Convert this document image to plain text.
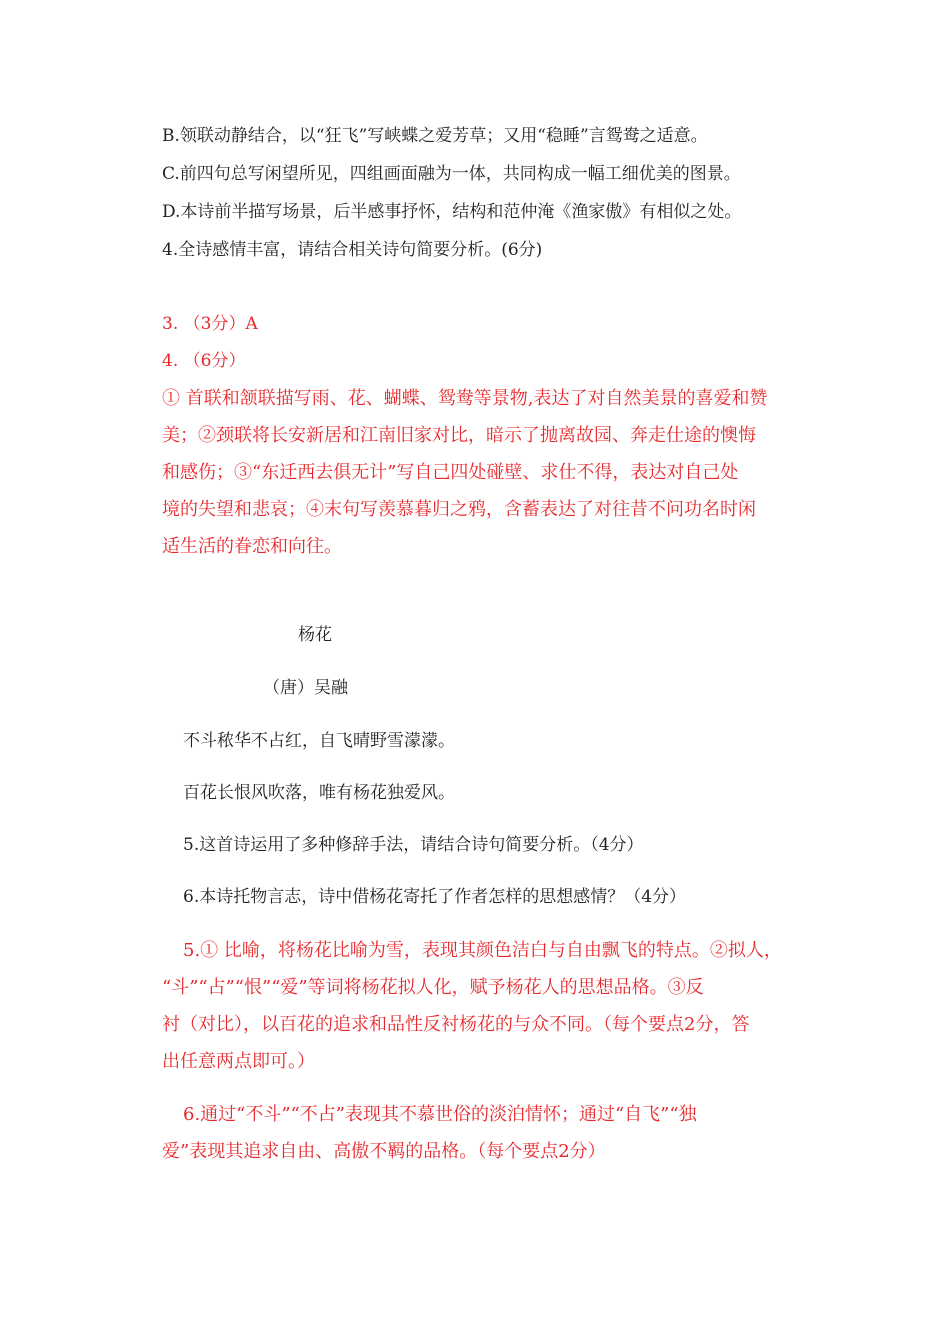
B.领联动静结合，以“狂飞”写峡蝶之爱芳草；又用“稳睡”言鸳鸯之适意。
C.前四句总写闲望所见，四组画面融为一体，共同构成一幅工细优美的图景。
D.本诗前半描写场景，后半感事抒怀，结构和范仲淹《渔家傲》有相似之处。
4.全诗感情丰富，请结合相关诗句简要分析。(6分)
3. （3分）A
4. （6分）
① 首联和颔联描写雨、花、蝴蝶、鸳鸯等景物,表达了对自然美景的喜爱和赞
美；②颈联将长安新居和江南旧家对比，暗示了抛离故园、奔走仕途的懊悔
和感伤；③“东迁西去俱无计”写自己四处碰壁、求仕不得，表达对自己处
境的失望和悲哀；④末句写羡慕暮归之鸦，含蓄表达了对往昔不问功名时闲
适生活的眷恋和向往。
杨花
（唐）吴融
不斗秾华不占红，自飞晴野雪濛濛。
百花长恨风吹落，唯有杨花独爱风。
5.这首诗运用了多种修辞手法，请结合诗句简要分析。（4分）
6.本诗托物言志，诗中借杨花寄托了作者怎样的思想感情？（4分）
5.① 比喻，将杨花比喻为雪，表现其颜色洁白与自由飘飞的特点。②拟人，
“斗”“占”“恨”“爱”等词将杨花拟人化，赋予杨花人的思想品格。③反
衬（对比），以百花的追求和品性反衬杨花的与众不同。（每个要点2分，答
出任意两点即可。）
6.通过“不斗”“不占”表现其不慕世俗的淡泊情怀；通过“自飞”“独
爱”表现其追求自由、高傲不羁的品格。（每个要点2分）
